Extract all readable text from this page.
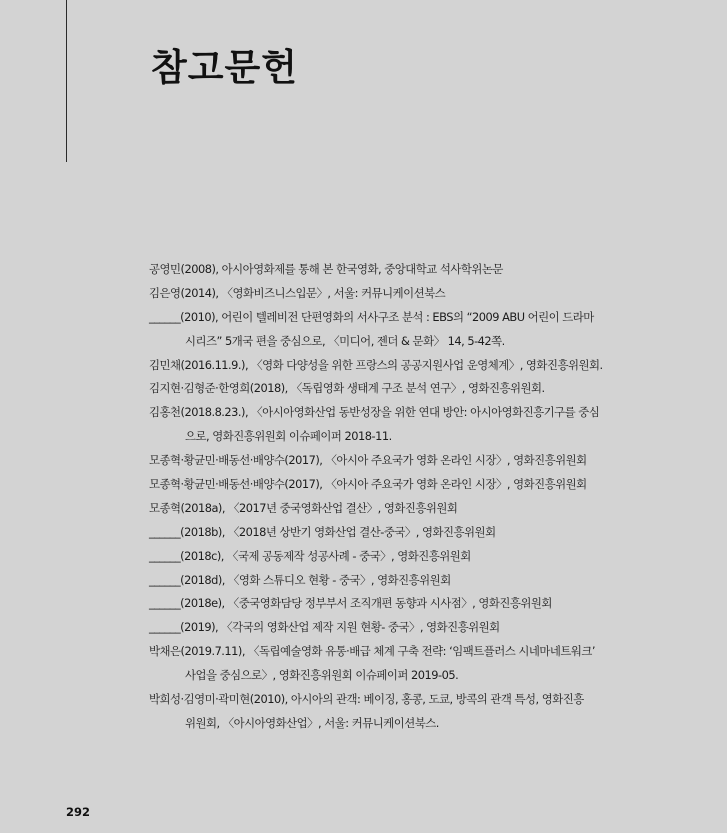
참고문헌
공영민(2008), 아시아영화제를 통해 본 한국영화, 중앙대학교 석사학위논문
김은영(2014), 〈영화비즈니스입문〉, 서울: 커뮤니케이션북스
______(2010), 어린이 텔레비전 단편영화의 서사구조 분석 : EBS의 “2009 ABU 어린이 드라마
시리즈” 5개국 편을 중심으로, 〈미디어, 젠더 & 문화〉 14, 5-42쪽.
김민채(2016.11.9.), 〈영화 다양성을 위한 프랑스의 공공지원사업 운영체계〉, 영화진흥위원회.
김지현·김형준·한영희(2018), 〈독립영화 생태계 구조 분석 연구〉, 영화진흥위원회.
김홍천(2018.8.23.), 〈아시아영화산업 동반성장을 위한 연대 방안: 아시아영화진흥기구를 중심
으로, 영화진흥위원회 이슈페이퍼 2018-11.
모종혁·황균민·배동선·배양수(2017), 〈아시아 주요국가 영화 온라인 시장〉, 영화진흥위원회
모종혁·황균민·배동선·배양수(2017), 〈아시아 주요국가 영화 온라인 시장〉, 영화진흥위원회
모종혁(2018a), 〈2017년 중국영화산업 결산〉, 영화진흥위원회
______(2018b), 〈2018년 상반기 영화산업 결산-중국〉, 영화진흥위원회
______(2018c), 〈국제 공동제작 성공사례 - 중국〉, 영화진흥위원회
______(2018d), 〈영화 스튜디오 현황 - 중국〉, 영화진흥위원회
______(2018e), 〈중국영화담당 정부부서 조직개편 동향과 시사점〉, 영화진흥위원회
______(2019), 〈각국의 영화산업 제작 지원 현황- 중국〉, 영화진흥위원회
박채은(2019.7.11), 〈독립예술영화 유통·배급 체계 구축 전략: ‘임팩트플러스 시네마네트워크’
사업을 중심으로〉, 영화진흥위원회 이슈페이퍼 2019-05.
박희성·김영미·곽미현(2010), 아시아의 관객: 베이징, 홍콩, 도쿄, 방콕의 관객 특성, 영화진흥
위원회, 〈아시아영화산업〉, 서울: 커뮤니케이션북스.
292
